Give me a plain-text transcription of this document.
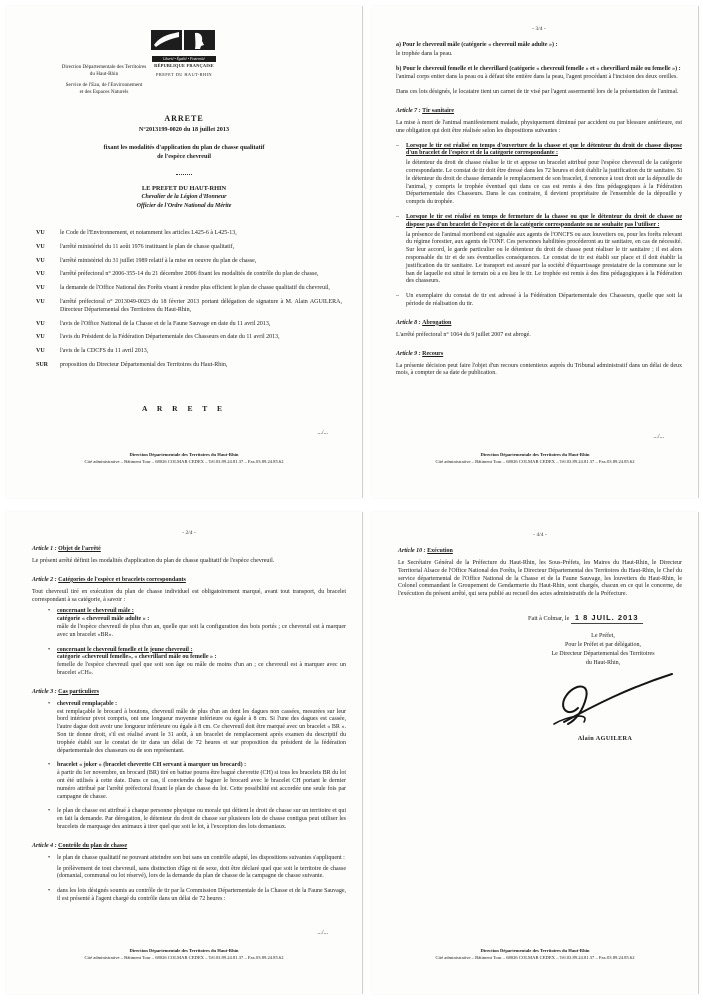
Liberté • Égalité • Fraternité
RÉPUBLIQUE FRANÇAISE
PREFET DU HAUT-RHIN
Direction Départementale des Territoires
du Haut-Rhin
Service de l'Eau, de l'Environnement
et des Espaces Naturels
ARRETE
N°2013199-0020 du 18 juillet 2013
fixant les modalités d'application du plan de chasse qualitatif
de l'espèce chevreuil
LE PREFET DU HAUT-RHIN
Chevalier de la Légion d'Honneur
Officier de l'Ordre National du Mérite
VU	le Code de l'Environnement, et notamment les articles L425-6 à L425-13,
VU	l'arrêté ministériel du 11 août 1976 instituant le plan de chasse qualitatif,
VU	l'arrêté ministériel du 31 juillet 1989 relatif à la mise en oeuvre du plan de chasse,
VU	l'arrêté préfectoral n° 2006-355-14 du 21 décembre 2006 fixant les modalités de contrôle du plan de chasse,
VU	la demande de l'Office National des Forêts visant à rendre plus efficient le plan de chasse qualitatif du chevreuil,
VU	l'arrêté préfectoral n° 2013049-0023 du 18 février 2013 portant délégation de signature à M. Alain AGUILERA, Directeur Départemental des Territoires du Haut-Rhin,
VU	l'avis de l'Office National de la Chasse et de la Faune Sauvage en date du 11 avril 2013,
VU	l'avis du Président de la Fédération Départementale des Chasseurs en date du 11 avril 2013,
VU	l'avis de la CDCFS du 11 avril 2013,
SUR	proposition du Directeur Départemental des Territoires du Haut-Rhin,
A R R E T E
.../...
Direction Départementale des Territoires du Haut-Rhin
Cité administrative – Bâtiment Tour – 68026 COLMAR CEDEX – Tél.03.89.24.81.37 – Fax.03.89.24.85.62
- 3/4 -
a) Pour le chevreuil mâle (catégorie « chevreuil mâle adulte ») :
le trophée dans la peau.
b) Pour le chevreuil femelle et le chevrillard (catégorie « chevreuil femelle » et « chevrillard mâle ou femelle ») :
l'animal corps entier dans la peau ou à défaut tête entière dans la peau, l'agent procédant à l'incision des deux oreilles.
Dans ces lots désignés, le locataire tient un carnet de tir visé par l'agent assermenté lors de la présentation de l'animal.
Article 7 : Tir sanitaire
La mise à mort de l'animal manifestement malade, physiquement diminué par accident ou par blessure antérieure, est une obligation qui doit être réalisée selon les dispositions suivantes :
–	Lorsque le tir est réalisé en temps d'ouverture de la chasse et que le détenteur du droit de chasse dispose d'un bracelet de l'espèce et de la catégorie correspondante :
le détenteur du droit de chasse réalise le tir et appose un bracelet attribué pour l'espèce chevreuil de la catégorie correspondante. Le constat de tir doit être dressé dans les 72 heures et doit établir la justification du tir sanitaire. Si le détenteur du droit de chasse demande le remplacement de son bracelet, il renonce à tout droit sur la dépouille de l'animal, y compris le trophée éventuel qui dans ce cas est remis à des fins pédagogiques à la Fédération Départementale des Chasseurs. Dans le cas contraire, il devient propriétaire de l'ensemble de la dépouille y compris du trophée.
–	Lorsque le tir est réalisé en temps de fermeture de la chasse ou que le détenteur du droit de chasse ne dispose pas d'un bracelet de l'espèce et de la catégorie correspondante ou ne souhaite pas l'utiliser :
la présence de l'animal moribond est signalée aux agents de l'ONCFS ou aux louvetiers ou, pour les forêts relevant du régime forestier, aux agents de l'ONF. Ces personnes habilitées procéderont au tir sanitaire, en cas de nécessité. Sur leur accord, le garde particulier ou le détenteur du droit de chasse peut réaliser le tir sanitaire ; il est alors responsable du tir et de ses éventuelles conséquences. Le constat de tir est établi sur place et il doit établir la justification du tir sanitaire. Le transport est assuré par la société d'équarrissage prestataire de la commune sur le ban de laquelle est situé le terrain où a eu lieu le tir. Le trophée est remis à des fins pédagogiques à la Fédération des chasseurs.
–	Un exemplaire du constat de tir est adressé à la Fédération Départementale des Chasseurs, quelle que soit la période de réalisation du tir.
Article 8 : Abrogation
L'arrêté préfectoral n° 1064 du 9 juillet 2007 est abrogé.
Article 9 : Recours
La présente décision peut faire l'objet d'un recours contentieux auprès du Tribunal administratif dans un délai de deux mois, à compter de sa date de publication.
.../...
Direction Départementale des Territoires du Haut-Rhin
Cité administrative – Bâtiment Tour – 68026 COLMAR CEDEX – Tél.03.89.24.81.37 – Fax.03.89.24.85.62
- 2/4 -
Article 1 : Objet de l'arrêté
Le présent arrêté définit les modalités d'application du plan de chasse qualitatif de l'espèce chevreuil.
Article 2 : Catégories de l'espèce et bracelets correspondants
Tout chevreuil tiré en exécution du plan de chasse individuel est obligatoirement marqué, avant tout transport, du bracelet correspondant à sa catégorie, à savoir :
•	concernant le chevreuil mâle :
catégorie « chevreuil mâle adulte » :
mâle de l'espèce chevreuil de plus d'un an, quelle que soit la configuration des bois portés ; ce chevreuil est à marquer avec un bracelet «BR».
•	concernant le chevreuil femelle et le jeune chevreuil :
catégorie «chevreuil femelle», « chevrillard mâle ou femelle » :
femelle de l'espèce chevreuil quel que soit son âge ou mâle de moins d'un an ; ce chevreuil est à marquer avec un bracelet «CH».
Article 3 : Cas particuliers
•	chevreuil remplaçable :
est remplaçable le brocard à boutons, chevreuil mâle de plus d'un an dont les dagues non cassées, mesurées sur leur bord intérieur pivot compris, ont une longueur moyenne inférieure ou égale à 8 cm. Si l'une des dagues est cassée, l'autre dague doit avoir une longueur inférieure ou égale à 8 cm. Ce chevreuil doit être marqué avec un bracelet « BR ». Son tir donne droit, s'il est réalisé avant le 31 août, à un bracelet de remplacement après examen du descriptif du trophée établi sur le constat de tir dans un délai de 72 heures et sur proposition du président de la fédération départementale des chasseurs ou de son représentant.
•	bracelet « joker » (bracelet chevrette CH servant à marquer un brocard) :
à partir du 1er novembre, un brocard (BR) tiré en battue pourra être bagué chevrette (CH) si tous les bracelets BR du lot ont été utilisés à cette date. Dans ce cas, il conviendra de baguer le brocard avec le bracelet CH portant le dernier numéro attribué par l'arrêté préfectoral fixant le plan de chasse du lot. Cette possibilité est accordée une seule fois par campagne de chasse.
•	le plan de chasse est attribué à chaque personne physique ou morale qui détient le droit de chasse sur un territoire et qui en fait la demande. Par dérogation, le détenteur du droit de chasse sur plusieurs lots de chasse contigus peut utiliser les bracelets de marquage des animaux à tirer quel que soit le lot, à l'exception des lots domaniaux.
Article 4 : Contrôle du plan de chasse
•	le plan de chasse qualitatif ne pouvant atteindre son but sans un contrôle adapté, les dispositions suivantes s'appliquent :
le prélèvement de tout chevreuil, sans distinction d'âge ni de sexe, doit être déclaré quel que soit le territoire de chasse (domanial, communal ou lot réservé), lors de la demande du plan de chasse de la campagne de chasse suivante.
•	dans les lots désignés soumis au contrôle de tir par la Commission Départementale de la Chasse et de la Faune Sauvage, il est présenté à l'agent chargé du contrôle dans un délai de 72 heures :
.../...
Direction Départementale des Territoires du Haut-Rhin
Cité administrative – Bâtiment Tour – 68026 COLMAR CEDEX – Tél.03.89.24.81.37 – Fax.03.89.24.85.62
- 4/4 -
Article 10 : Exécution
Le Secrétaire Général de la Préfecture du Haut-Rhin, les Sous-Préfets, les Maires du Haut-Rhin, le Directeur Territorial Alsace de l'Office National des Forêts, le Directeur Départemental des Territoires du Haut-Rhin, le Chef du service départemental de l'Office National de la Chasse et de la Faune Sauvage, les louvetiers du Haut-Rhin, le Colonel commandant le Groupement de Gendarmerie du Haut-Rhin, sont chargés, chacun en ce qui le concerne, de l'exécution du présent arrêté, qui sera publié au recueil des actes administratifs de la Préfecture.
Fait à Colmar, le 1 8 JUIL. 2013
Le Préfet,
Pour le Préfet et par délégation,
Le Directeur Départemental des Territoires
du Haut-Rhin,
Alain AGUILERA
Direction Départementale des Territoires du Haut-Rhin
Cité administrative – Bâtiment Tour – 68026 COLMAR CEDEX – Tél.03.89.24.81.37 – Fax.03.89.24.85.62
